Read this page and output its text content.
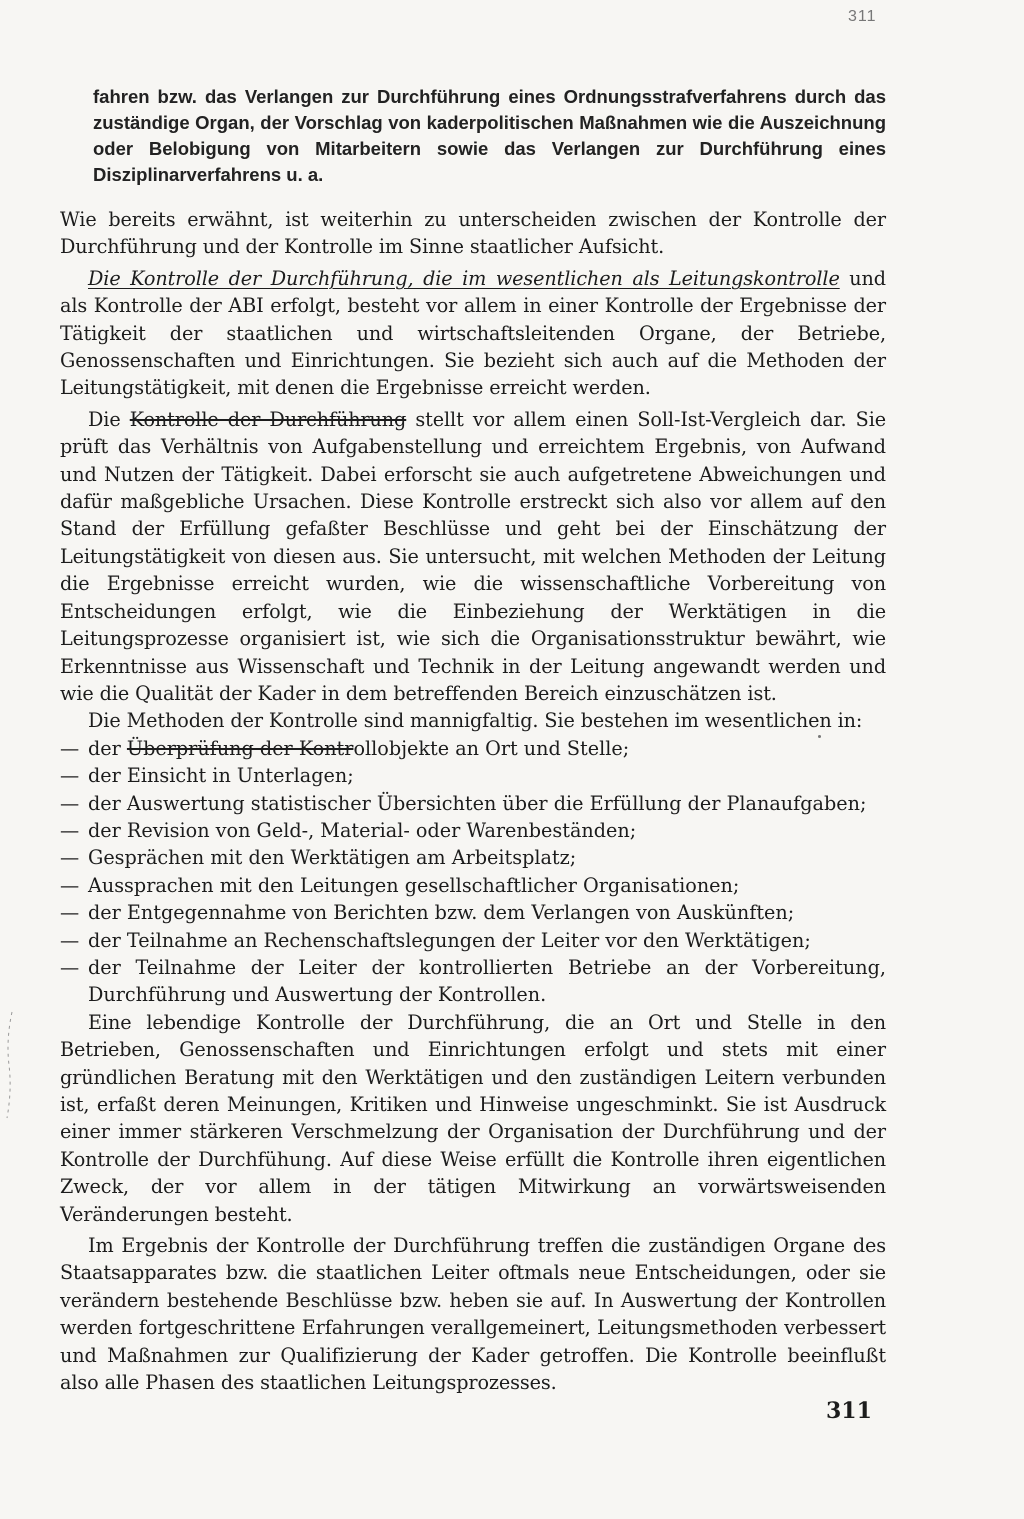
311

fahren bzw. das Verlangen zur Durchführung eines Ordnungsstrafverfahrens durch das zuständige Organ, der Vorschlag von kaderpolitischen Maßnahmen wie die Auszeichnung oder Belobigung von Mitarbeitern sowie das Verlangen zur Durchführung eines Disziplinarverfahrens u. a.

Wie bereits erwähnt, ist weiterhin zu unterscheiden zwischen der Kontrolle der Durchführung und der Kontrolle im Sinne staatlicher Aufsicht.

Die Kontrolle der Durchführung, die im wesentlichen als Leitungskontrolle und als Kontrolle der ABI erfolgt, besteht vor allem in einer Kontrolle der Ergebnisse der Tätigkeit der staatlichen und wirtschaftsleitenden Organe, der Betriebe, Genossenschaften und Einrichtungen. Sie bezieht sich auch auf die Methoden der Leitungstätigkeit, mit denen die Ergebnisse erreicht werden.

Die Kontrolle der Durchführung stellt vor allem einen Soll-Ist-Vergleich dar. Sie prüft das Verhältnis von Aufgabenstellung und erreichtem Ergebnis, von Aufwand und Nutzen der Tätigkeit. Dabei erforscht sie auch aufgetretene Abweichungen und dafür maßgebliche Ursachen. Diese Kontrolle erstreckt sich also vor allem auf den Stand der Erfüllung gefaßter Beschlüsse und geht bei der Einschätzung der Leitungstätigkeit von diesen aus. Sie untersucht, mit welchen Methoden der Leitung die Ergebnisse erreicht wurden, wie die wissenschaftliche Vorbereitung von Entscheidungen erfolgt, wie die Einbeziehung der Werktätigen in die Leitungsprozesse organisiert ist, wie sich die Organisationsstruktur bewährt, wie Erkenntnisse aus Wissenschaft und Technik in der Leitung angewandt werden und wie die Qualität der Kader in dem betreffenden Bereich einzuschätzen ist.

Die Methoden der Kontrolle sind mannigfaltig. Sie bestehen im wesentlichen in:

— der Überprüfung der Kontrollobjekte an Ort und Stelle;
— der Einsicht in Unterlagen;
— der Auswertung statistischer Übersichten über die Erfüllung der Planaufgaben;
— der Revision von Geld-, Material- oder Warenbeständen;
— Gesprächen mit den Werktätigen am Arbeitsplatz;
— Aussprachen mit den Leitungen gesellschaftlicher Organisationen;
— der Entgegennahme von Berichten bzw. dem Verlangen von Auskünften;
— der Teilnahme an Rechenschaftslegungen der Leiter vor den Werktätigen;
— der Teilnahme der Leiter der kontrollierten Betriebe an der Vorbereitung, Durchführung und Auswertung der Kontrollen.

Eine lebendige Kontrolle der Durchführung, die an Ort und Stelle in den Betrieben, Genossenschaften und Einrichtungen erfolgt und stets mit einer gründlichen Beratung mit den Werktätigen und den zuständigen Leitern verbunden ist, erfaßt deren Meinungen, Kritiken und Hinweise ungeschminkt. Sie ist Ausdruck einer immer stärkeren Verschmelzung der Organisation der Durchführung und der Kontrolle der Durchfühung. Auf diese Weise erfüllt die Kontrolle ihren eigentlichen Zweck, der vor allem in der tätigen Mitwirkung an vorwärtsweisenden Veränderungen besteht.

Im Ergebnis der Kontrolle der Durchführung treffen die zuständigen Organe des Staatsapparates bzw. die staatlichen Leiter oftmals neue Entscheidungen, oder sie verändern bestehende Beschlüsse bzw. heben sie auf. In Auswertung der Kontrollen werden fortgeschrittene Erfahrungen verallgemeinert, Leitungsmethoden verbessert und Maßnahmen zur Qualifizierung der Kader getroffen. Die Kontrolle beeinflußt also alle Phasen des staatlichen Leitungsprozesses.

311
